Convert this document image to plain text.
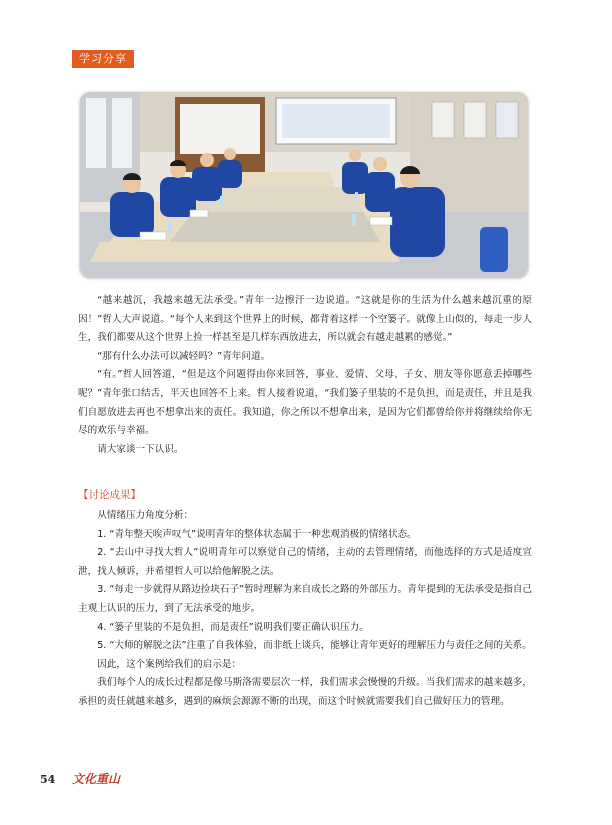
学习分享

“越来越沉，我越来越无法承受。”青年一边擦汗一边说道。“这就是你的生活为什么越来越沉重的原因！”哲人大声说道。“每个人来到这个世界上的时候，都背着这样一个空篓子。就像上山似的，每走一步人生，我们都要从这个世界上捡一样甚至是几样东西放进去，所以就会有越走越累的感觉。”

“那有什么办法可以减轻吗？”青年问道。

“有。”哲人回答道，“但是这个问题得由你来回答，事业、爱情、父母、子女、朋友等你愿意丢掉哪些呢？”青年张口结舌，半天也回答不上来。哲人接着说道，“我们篓子里装的不是负担，而是责任，并且是我们自愿放进去再也不想拿出来的责任。我知道，你之所以不想拿出来，是因为它们都曾给你并将继续给你无尽的欢乐与幸福。

请大家谈一下认识。

【讨论成果】

从情绪压力角度分析：

1. “青年整天唉声叹气”说明青年的整体状态属于一种悲观消极的情绪状态。

2. “去山中寻找大哲人”说明青年可以察觉自己的情绪，主动的去管理情绪，而他选择的方式是适度宣泄，找人倾诉，并希望哲人可以给他解脱之法。

3. “每走一步就得从路边捡块石子”暂时理解为来自成长之路的外部压力。青年提到的无法承受是指自己主观上认识的压力，到了无法承受的地步。

4. “篓子里装的不是负担，而是责任”说明我们要正确认识压力。

5. “大师的解脱之法”注重了自我体验，而非纸上谈兵，能够让青年更好的理解压力与责任之间的关系。

因此，这个案例给我们的启示是：

我们每个人的成长过程都是像马斯洛需要层次一样，我们需求会慢慢的升级。当我们需求的越来越多，承担的责任就越来越多，遇到的麻烦会源源不断的出现，而这个时候就需要我们自己做好压力的管理。

54 文化重山
